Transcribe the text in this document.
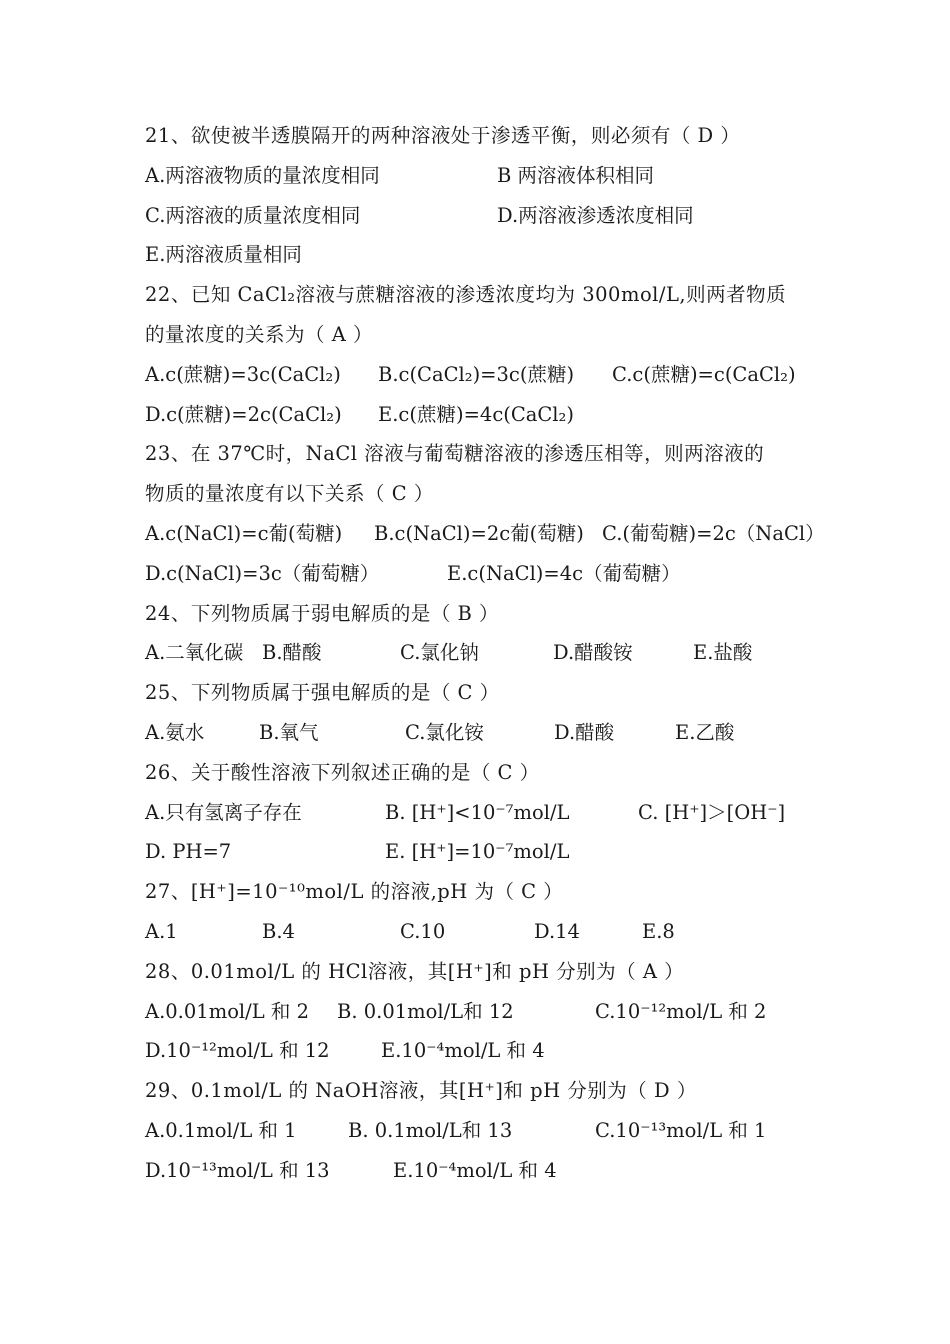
21、欲使被半透膜隔开的两种溶液处于渗透平衡，则必须有（ D ）
A.两溶液物质的量浓度相同	B 两溶液体积相同
C.两溶液的质量浓度相同	D.两溶液渗透浓度相同
E.两溶液质量相同
22、已知 CaCl₂溶液与蔗糖溶液的渗透浓度均为 300mol/L,则两者物质
的量浓度的关系为（ A ）
A.c(蔗糖)=3c(CaCl₂) B.c(CaCl₂)=3c(蔗糖) C.c(蔗糖)=c(CaCl₂)
D.c(蔗糖)=2c(CaCl₂) E.c(蔗糖)=4c(CaCl₂)
23、在 37℃时，NaCl 溶液与葡萄糖溶液的渗透压相等，则两溶液的
物质的量浓度有以下关系（ C ）
A.c(NaCl)=c葡(萄糖) B.c(NaCl)=2c葡(萄糖) C.(葡萄糖)=2c（NaCl）
D.c(NaCl)=3c（葡萄糖）	E.c(NaCl)=4c（葡萄糖）
24、下列物质属于弱电解质的是（ B ）
A.二氧化碳 B.醋酸	C.氯化钠	D.醋酸铵	E.盐酸
25、下列物质属于强电解质的是（ C ）
A.氨水	B.氧气	C.氯化铵	D.醋酸	E.乙酸
26、关于酸性溶液下列叙述正确的是（ C ）
A.只有氢离子存在	B. [H⁺]<10⁻⁷mol/L	C. [H⁺]＞[OH⁻]
D. PH=7	E. [H⁺]=10⁻⁷mol/L
27、[H⁺]=10⁻¹⁰mol/L 的溶液,pH 为（ C ）
A.1	B.4	C.10	D.14	E.8
28、0.01mol/L 的 HCl溶液，其[H⁺]和 pH 分别为（ A ）
A.0.01mol/L 和 2 B. 0.01mol/L和 12	C.10⁻¹²mol/L 和 2
D.10⁻¹²mol/L 和 12	E.10⁻⁴mol/L 和 4
29、0.1mol/L 的 NaOH溶液，其[H⁺]和 pH 分别为（ D ）
A.0.1mol/L 和 1	B. 0.1mol/L和 13	C.10⁻¹³mol/L 和 1
D.10⁻¹³mol/L 和 13	E.10⁻⁴mol/L 和 4
